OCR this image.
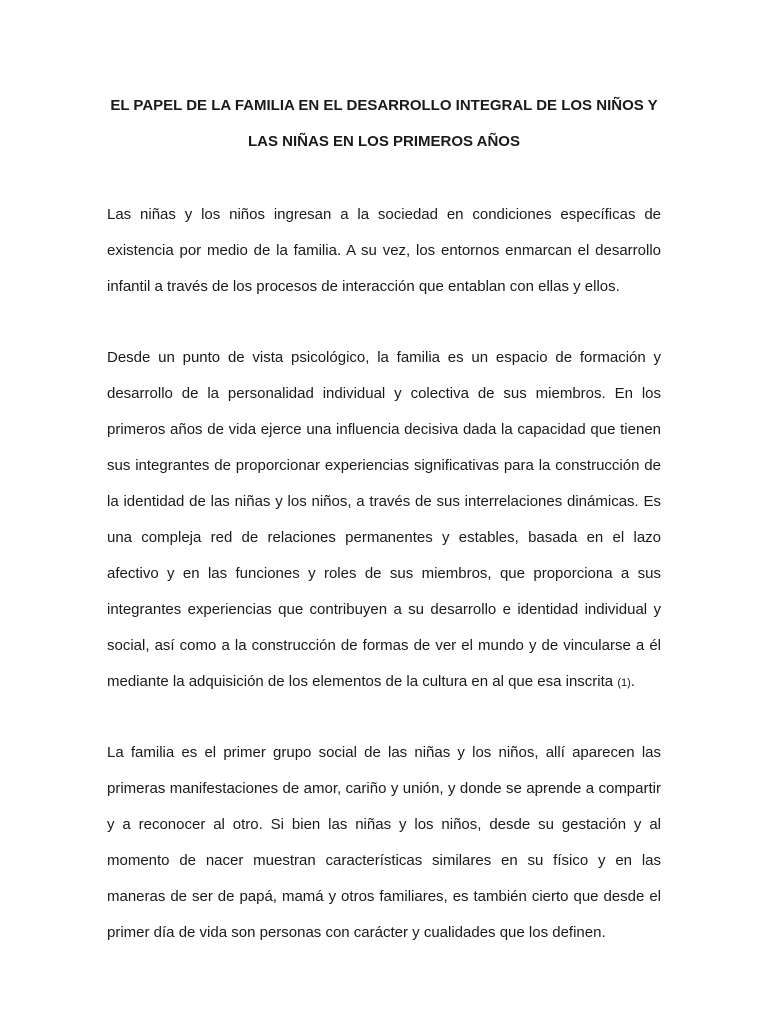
EL PAPEL DE LA FAMILIA EN EL DESARROLLO INTEGRAL DE LOS NIÑOS Y
LAS NIÑAS EN LOS PRIMEROS AÑOS

Las niñas y los niños ingresan a la sociedad en condiciones específicas de
existencia por medio de la familia. A su vez, los entornos enmarcan el desarrollo
infantil a través de los procesos de interacción que entablan con ellas y ellos.

Desde un punto de vista psicológico, la familia es un espacio de formación y
desarrollo de la personalidad individual y colectiva de sus miembros. En los
primeros años de vida ejerce una influencia decisiva dada la capacidad que tienen
sus integrantes de proporcionar experiencias significativas para la construcción de
la identidad de las niñas y los niños, a través de sus interrelaciones dinámicas. Es
una compleja red de relaciones permanentes y estables, basada en el lazo
afectivo y en las funciones y roles de sus miembros, que proporciona a sus
integrantes experiencias que contribuyen a su desarrollo e identidad individual y
social, así como a la construcción de formas de ver el mundo y de vincularse a él
mediante la adquisición de los elementos de la cultura en al que esa inscrita (1).

La familia es el primer grupo social de las niñas y los niños, allí aparecen las
primeras manifestaciones de amor, cariño y unión, y donde se aprende a compartir
y a reconocer al otro. Si bien las niñas y los niños, desde su gestación y al
momento de nacer muestran características similares en su físico y en las
maneras de ser de papá, mamá y otros familiares, es también cierto que desde el
primer día de vida son personas con carácter y cualidades que los definen.
